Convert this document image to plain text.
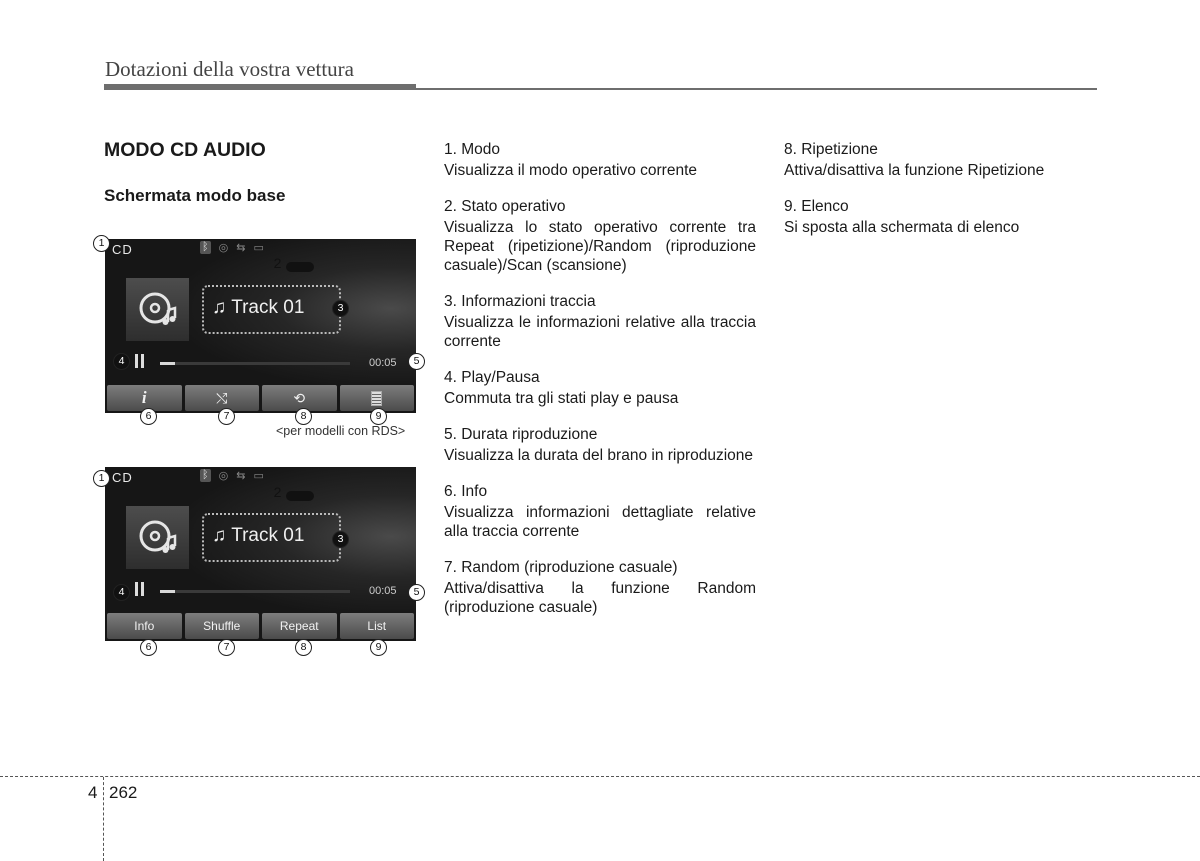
Dotazioni della vostra vettura
MODO CD AUDIO
Schermata modo base
CD	ᛒ ◎ ⇆ ▭
♫ Track 01
00:05
i	⤭	⟲
1
2
3
4	5
6	7	8	9
<per modelli con RDS>
CD	ᛒ ◎ ⇆ ▭
♫ Track 01
00:05
Info	Shuffle	Repeat	List
1
2
3
4	5
6	7	8	9
1. Modo
Visualizza il modo operativo corrente
2. Stato operativo
Visualizza lo stato operativo corrente tra Repeat (ripetizione)/Random (riproduzione casuale)/Scan (scansione)
3. Informazioni traccia
Visualizza le informazioni relative alla traccia corrente
4. Play/Pausa
Commuta tra gli stati play e pausa
5. Durata riproduzione
Visualizza la durata del brano in riproduzione
6. Info
Visualizza informazioni dettagliate relative alla traccia corrente
7. Random (riproduzione casuale)
Attiva/disattiva la funzione Random (riproduzione casuale)
8. Ripetizione
Attiva/disattiva la funzione Ripetizione
9. Elenco
Si sposta alla schermata di elenco
4 262
